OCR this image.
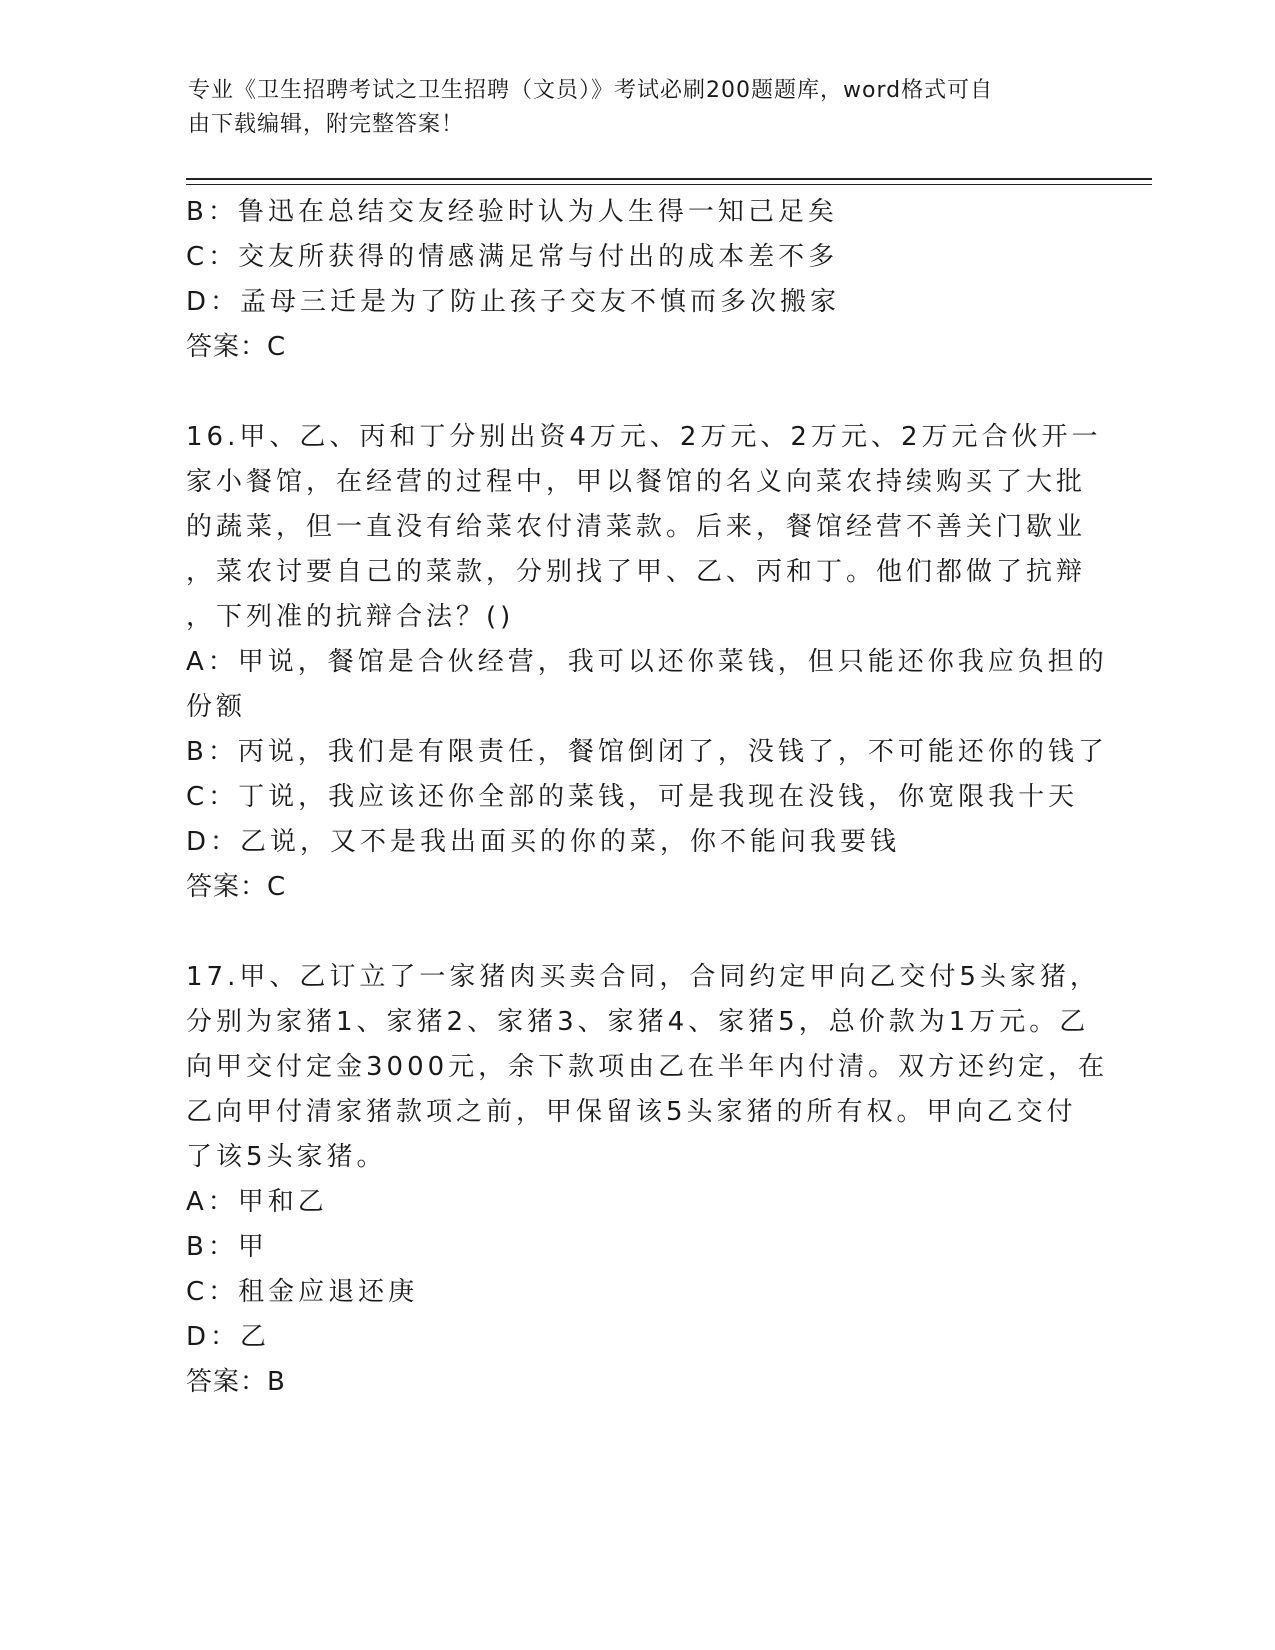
专业《卫生招聘考试之卫生招聘（文员）》考试必刷200题题库，word格式可自
由下载编辑，附完整答案！
B：鲁迅在总结交友经验时认为人生得一知己足矣
C：交友所获得的情感满足常与付出的成本差不多
D：孟母三迁是为了防止孩子交友不慎而多次搬家
答案：C
16.甲、乙、丙和丁分别出资4万元、2万元、2万元、2万元合伙开一
家小餐馆，在经营的过程中，甲以餐馆的名义向菜农持续购买了大批
的蔬菜，但一直没有给菜农付清菜款。后来，餐馆经营不善关门歇业
，菜农讨要自己的菜款，分别找了甲、乙、丙和丁。他们都做了抗辩
，下列准的抗辩合法？()
A：甲说，餐馆是合伙经营，我可以还你菜钱，但只能还你我应负担的
份额
B：丙说，我们是有限责任，餐馆倒闭了，没钱了，不可能还你的钱了
C：丁说，我应该还你全部的菜钱，可是我现在没钱，你宽限我十天
D：乙说，又不是我出面买的你的菜，你不能问我要钱
答案：C
17.甲、乙订立了一家猪肉买卖合同，合同约定甲向乙交付5头家猪，
分别为家猪1、家猪2、家猪3、家猪4、家猪5，总价款为1万元。乙
向甲交付定金3000元，余下款项由乙在半年内付清。双方还约定，在
乙向甲付清家猪款项之前，甲保留该5头家猪的所有权。甲向乙交付
了该5头家猪。
A：甲和乙
B：甲
C：租金应退还庚
D：乙
答案：B
